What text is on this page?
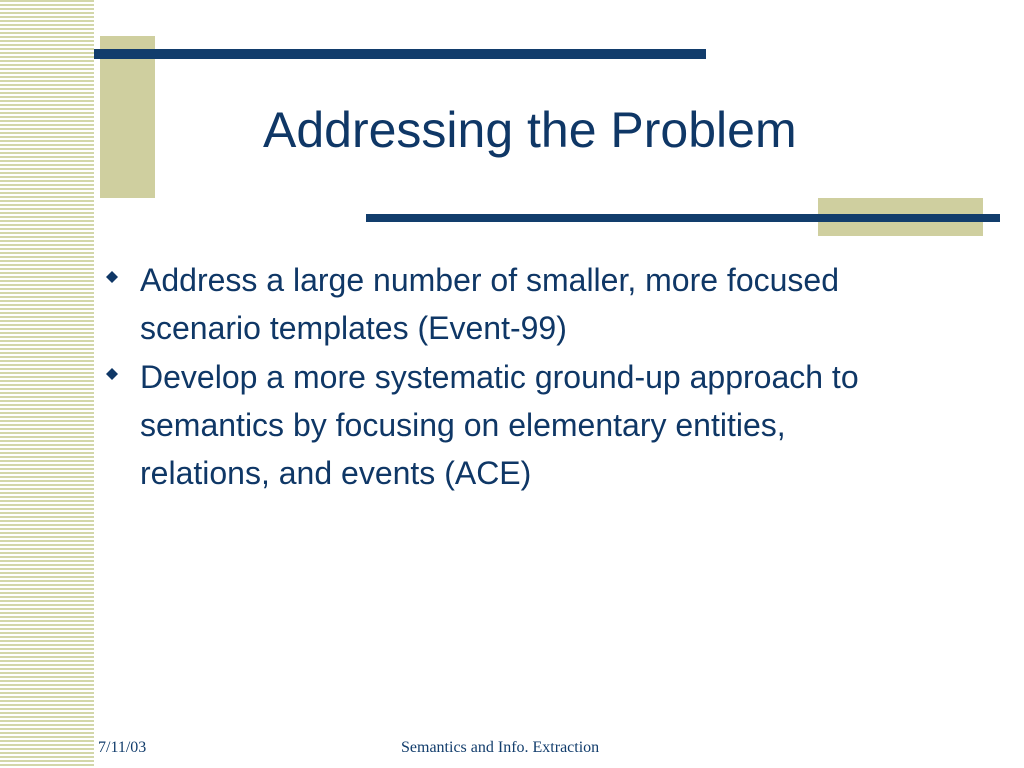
Addressing the Problem
Address a large number of smaller, more focused scenario templates (Event-99)
Develop a more systematic ground-up approach to semantics by focusing on elementary entities, relations, and events (ACE)
7/11/03	Semantics and Info. Extraction
